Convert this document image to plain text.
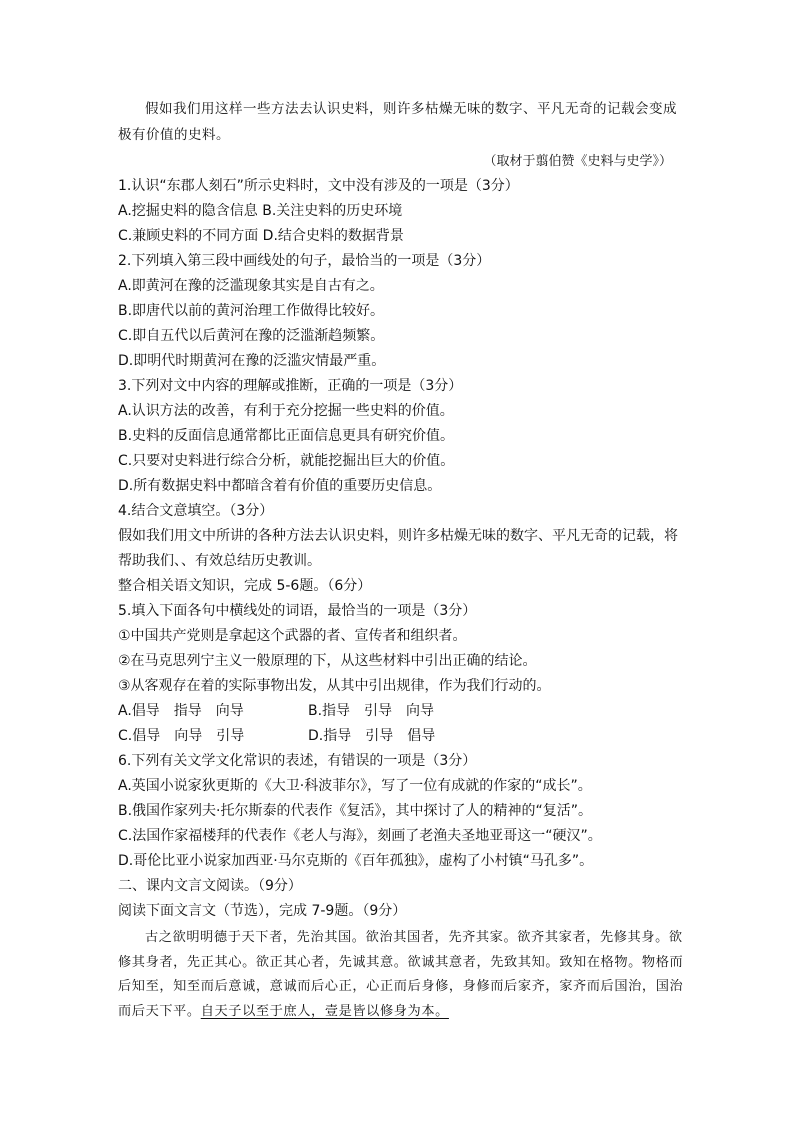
假如我们用这样一些方法去认识史料，则许多枯燥无味的数字、平凡无奇的记载会变成极有价值的史料。
（取材于翦伯赞《史料与史学》）
1.认识“东郡人刻石”所示史料时，文中没有涉及的一项是（3分）
A.挖掘史料的隐含信息 B.关注史料的历史环境
C.兼顾史料的不同方面 D.结合史料的数据背景
2.下列填入第三段中画线处的句子，最恰当的一项是（3分）
A.即黄河在豫的泛滥现象其实是自古有之。
B.即唐代以前的黄河治理工作做得比较好。
C.即自五代以后黄河在豫的泛滥渐趋频繁。
D.即明代时期黄河在豫的泛滥灾情最严重。
3.下列对文中内容的理解或推断，正确的一项是（3分）
A.认识方法的改善，有利于充分挖掘一些史料的价值。
B.史料的反面信息通常都比正面信息更具有研究价值。
C.只要对史料进行综合分析，就能挖掘出巨大的价值。
D.所有数据史料中都暗含着有价值的重要历史信息。
4.结合文意填空。（3分）
假如我们用文中所讲的各种方法去认识史料，则许多枯燥无味的数字、平凡无奇的记载，将
帮助我们、、有效总结历史教训。
整合相关语文知识，完成 5-6题。（6分）
5.填入下面各句中横线处的词语，最恰当的一项是（3分）
①中国共产党则是拿起这个武器的者、宣传者和组织者。
②在马克思列宁主义一般原理的下，从这些材料中引出正确的结论。
③从客观存在着的实际事物出发，从其中引出规律，作为我们行动的。
A.倡导　指导　向导	B.指导　引导　向导
C.倡导　向导　引导	D.指导　引导　倡导
6.下列有关文学文化常识的表述，有错误的一项是（3分）
A.英国小说家狄更斯的《大卫·科波菲尔》，写了一位有成就的作家的“成长”。
B.俄国作家列夫·托尔斯泰的代表作《复活》，其中探讨了人的精神的“复活”。
C.法国作家福楼拜的代表作《老人与海》，刻画了老渔夫圣地亚哥这一“硬汉”。
D.哥伦比亚小说家加西亚·马尔克斯的《百年孤独》，虚构了小村镇“马孔多”。
二、课内文言文阅读。（9分）
阅读下面文言文（节选），完成 7-9题。（9分）
古之欲明明德于天下者，先治其国。欲治其国者，先齐其家。欲齐其家者，先修其身。欲修其身者，先正其心。欲正其心者，先诚其意。欲诚其意者，先致其知。致知在格物。物格而后知至，知至而后意诚，意诚而后心正，心正而后身修，身修而后家齐，家齐而后国治，国治而后天下平。自天子以至于庶人，壹是皆以修身为本。
